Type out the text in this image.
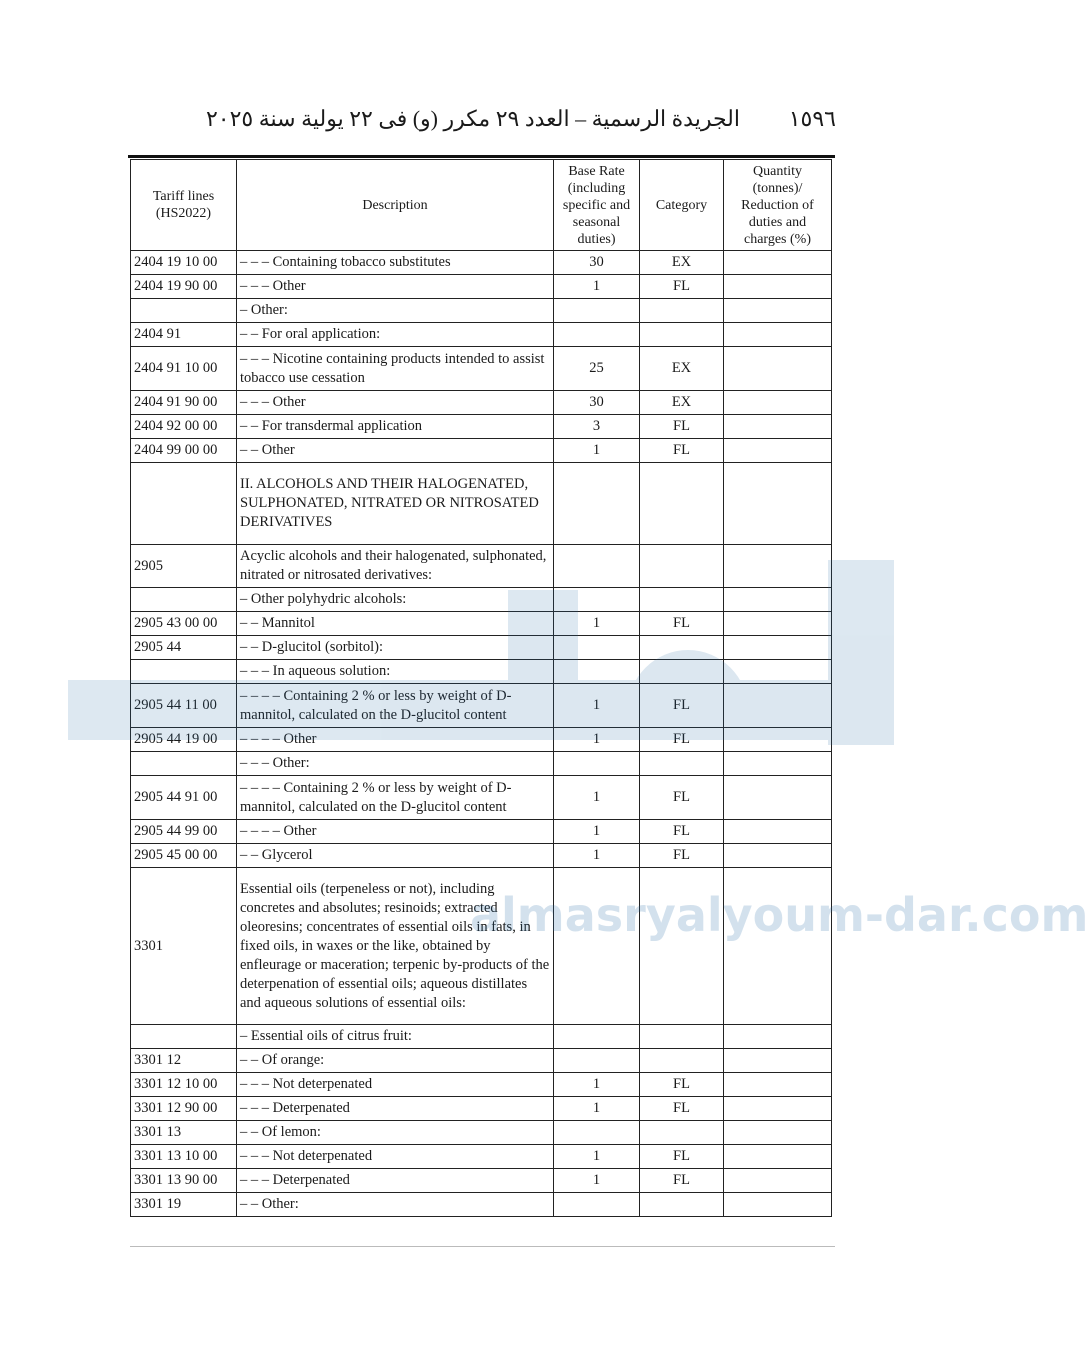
١٥٩٦
الجريدة الرسمية – العدد ٢٩ مكرر (و) فى ٢٢ يولية سنة ٢٠٢٥
Tariff lines (HS2022)	Description	Base Rate (including specific and seasonal duties)	Category	Quantity (tonnes)/ Reduction of duties and charges (%)
2404 19 10 00	– – – Containing tobacco substitutes	30	EX	
2404 19 90 00	– – – Other	1	FL	
	– Other:			
2404 91	– – For oral application:			
2404 91 10 00	– – – Nicotine containing products intended to assist tobacco use cessation	25	EX	
2404 91 90 00	– – – Other	30	EX	
2404 92 00 00	– – For transdermal application	3	FL	
2404 99 00 00	– – Other	1	FL	
	II. ALCOHOLS AND THEIR HALOGENATED, SULPHONATED, NITRATED OR NITROSATED DERIVATIVES			
2905	Acyclic alcohols and their halogenated, sulphonated, nitrated or nitrosated derivatives:			
	– Other polyhydric alcohols:			
2905 43 00 00	– – Mannitol	1	FL	
2905 44	– – D-glucitol (sorbitol):			
	– – – In aqueous solution:			
2905 44 11 00	– – – – Containing 2 % or less by weight of D-mannitol, calculated on the D-glucitol content	1	FL	
2905 44 19 00	– – – – Other	1	FL	
	– – – Other:			
2905 44 91 00	– – – – Containing 2 % or less by weight of D-mannitol, calculated on the D-glucitol content	1	FL	
2905 44 99 00	– – – – Other	1	FL	
2905 45 00 00	– – Glycerol	1	FL	
3301	Essential oils (terpeneless or not), including concretes and absolutes; resinoids; extracted oleoresins; concentrates of essential oils in fats, in fixed oils, in waxes or the like, obtained by enfleurage or maceration; terpenic by-products of the deterpenation of essential oils; aqueous distillates and aqueous solutions of essential oils:			
	– Essential oils of citrus fruit:			
3301 12	– – Of orange:			
3301 12 10 00	– – – Not deterpenated	1	FL	
3301 12 90 00	– – – Deterpenated	1	FL	
3301 13	– – Of lemon:			
3301 13 10 00	– – – Not deterpenated	1	FL	
3301 13 90 00	– – – Deterpenated	1	FL	
3301 19	– – Other:			
almasryalyoum-dar.com
